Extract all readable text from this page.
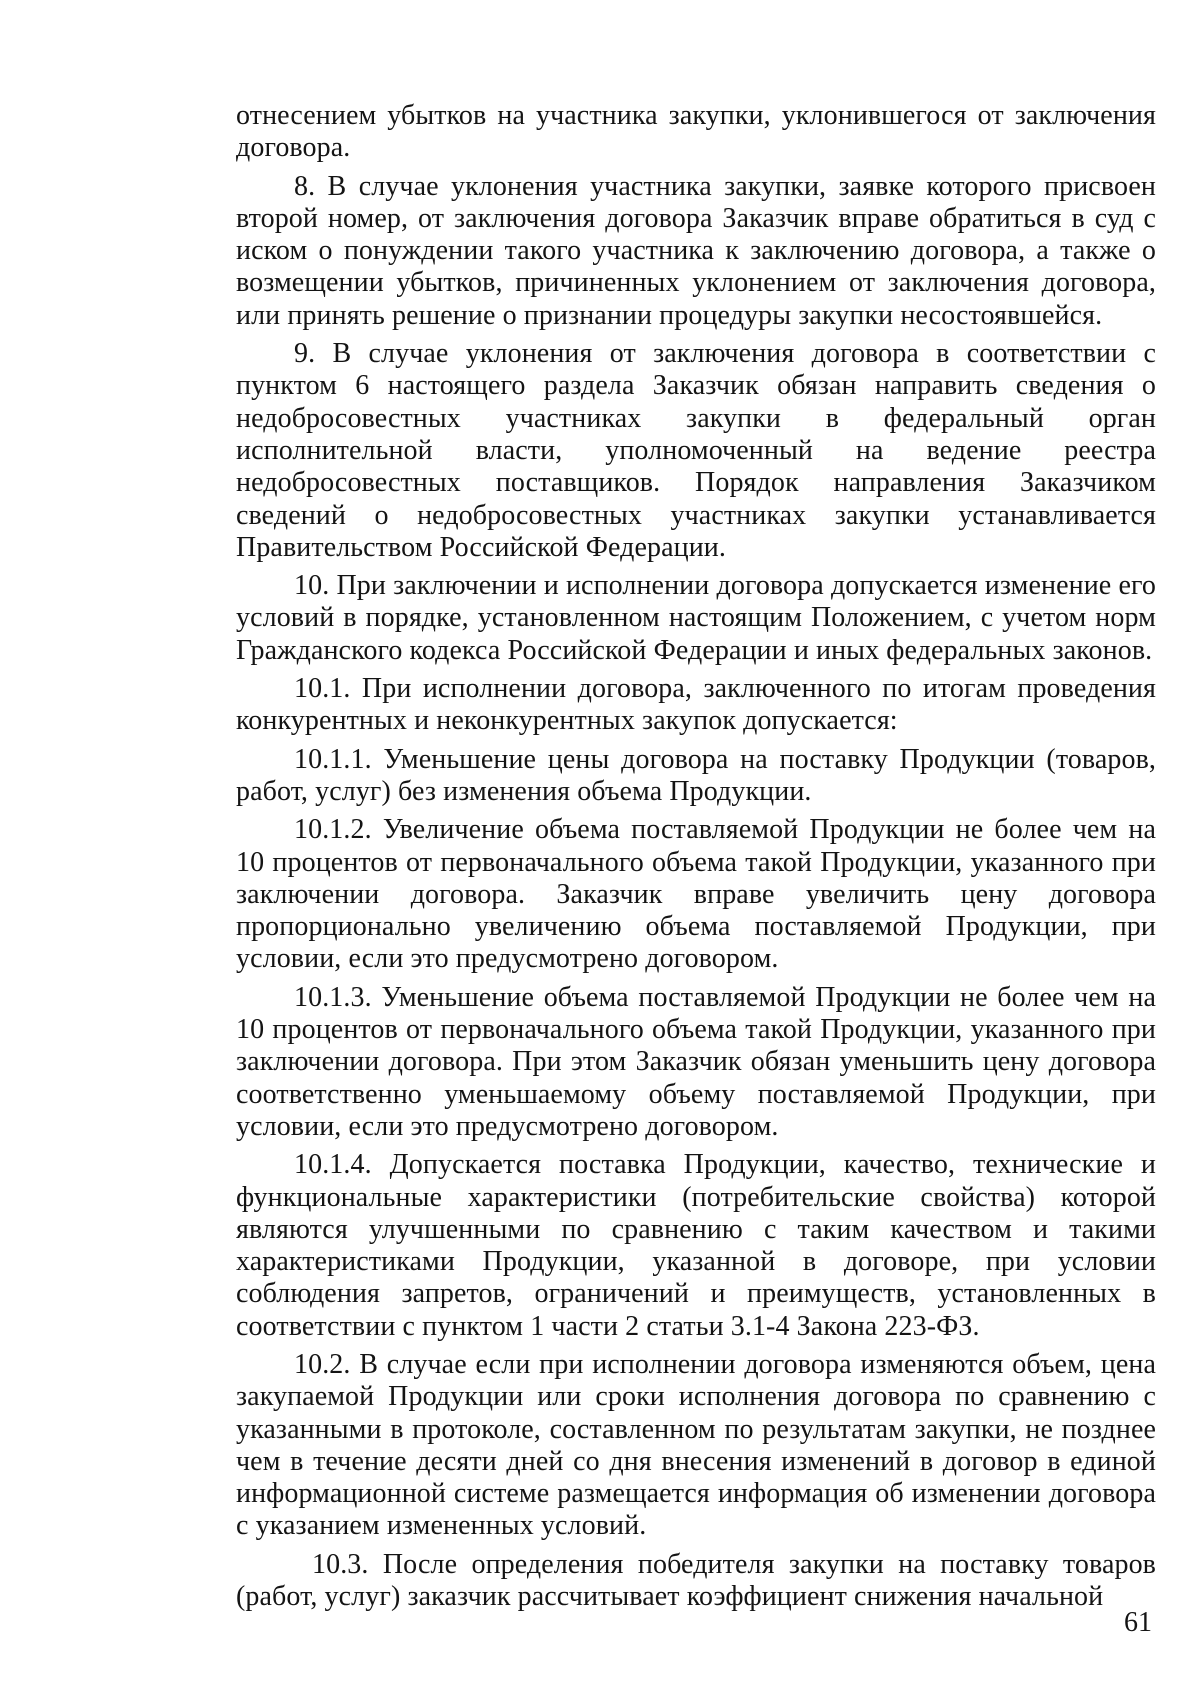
отнесением убытков на участника закупки, уклонившегося от заключения договора.

8. В случае уклонения участника закупки, заявке которого присвоен второй номер, от заключения договора Заказчик вправе обратиться в суд с иском о понуждении такого участника к заключению договора, а также о возмещении убытков, причиненных уклонением от заключения договора, или принять решение о признании процедуры закупки несостоявшейся.

9. В случае уклонения от заключения договора в соответствии с пунктом 6 настоящего раздела Заказчик обязан направить сведения о недобросовестных участниках закупки в федеральный орган исполнительной власти, уполномоченный на ведение реестра недобросовестных поставщиков. Порядок направления Заказчиком сведений о недобросовестных участниках закупки устанавливается Правительством Российской Федерации.

10. При заключении и исполнении договора допускается изменение его условий в порядке, установленном настоящим Положением, с учетом норм Гражданского кодекса Российской Федерации и иных федеральных законов.

10.1. При исполнении договора, заключенного по итогам проведения конкурентных и неконкурентных закупок допускается:

10.1.1. Уменьшение цены договора на поставку Продукции (товаров, работ, услуг) без изменения объема Продукции.

10.1.2. Увеличение объема поставляемой Продукции не более чем на 10 процентов от первоначального объема такой Продукции, указанного при заключении договора. Заказчик вправе увеличить цену договора пропорционально увеличению объема поставляемой Продукции, при условии, если это предусмотрено договором.

10.1.3. Уменьшение объема поставляемой Продукции не более чем на 10 процентов от первоначального объема такой Продукции, указанного при заключении договора. При этом Заказчик обязан уменьшить цену договора соответственно уменьшаемому объему поставляемой Продукции, при условии, если это предусмотрено договором.

10.1.4. Допускается поставка Продукции, качество, технические и функциональные характеристики (потребительские свойства) которой являются улучшенными по сравнению с таким качеством и такими характеристиками Продукции, указанной в договоре, при условии соблюдения запретов, ограничений и преимуществ, установленных в соответствии с пунктом 1 части 2 статьи 3.1-4 Закона 223-ФЗ.

10.2. В случае если при исполнении договора изменяются объем, цена закупаемой Продукции или сроки исполнения договора по сравнению с указанными в протоколе, составленном по результатам закупки, не позднее чем в течение десяти дней со дня внесения изменений в договор в единой информационной системе размещается информация об изменении договора с указанием измененных условий.

10.3. После определения победителя закупки на поставку товаров (работ, услуг) заказчик рассчитывает коэффициент снижения начальной

61
